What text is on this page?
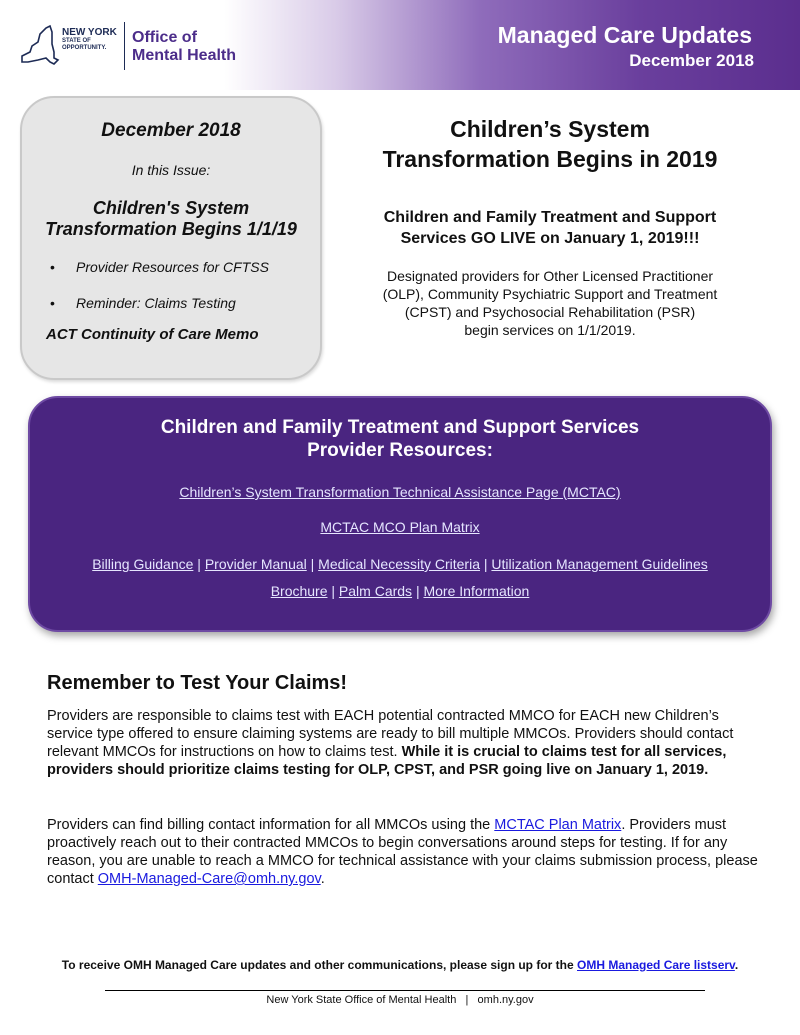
NEW YORK
STATE OF
OPPORTUNITY.
Office of
Mental Health
Managed Care Updates
December 2018
December 2018
In this Issue:
Children's System
Transformation Begins 1/1/19
• Provider Resources for CFTSS
• Reminder: Claims Testing
ACT Continuity of Care Memo
Children’s System
Transformation Begins in 2019
Children and Family Treatment and Support
Services GO LIVE on January 1, 2019!!!
Designated providers for Other Licensed Practitioner
(OLP), Community Psychiatric Support and Treatment
(CPST) and Psychosocial Rehabilitation (PSR)
begin services on 1/1/2019.
Children and Family Treatment and Support Services
Provider Resources:
Children’s System Transformation Technical Assistance Page (MCTAC)
MCTAC MCO Plan Matrix
Billing Guidance | Provider Manual | Medical Necessity Criteria | Utilization Management Guidelines
Brochure | Palm Cards | More Information
Remember to Test Your Claims!

Providers are responsible to claims test with EACH potential contracted MMCO for EACH new Children’s service type offered to ensure claiming systems are ready to bill multiple MMCOs. Providers should contact relevant MMCOs for instructions on how to claims test. While it is crucial to claims test for all services, providers should prioritize claims testing for OLP, CPST, and PSR going live on January 1, 2019.

Providers can find billing contact information for all MMCOs using the MCTAC Plan Matrix. Providers must proactively reach out to their contracted MMCOs to begin conversations around steps for testing. If for any reason, you are unable to reach a MMCO for technical assistance with your claims submission process, please contact OMH-Managed-Care@omh.ny.gov.

To receive OMH Managed Care updates and other communications, please sign up for the OMH Managed Care listserv.
New York State Office of Mental Health   |   omh.ny.gov
